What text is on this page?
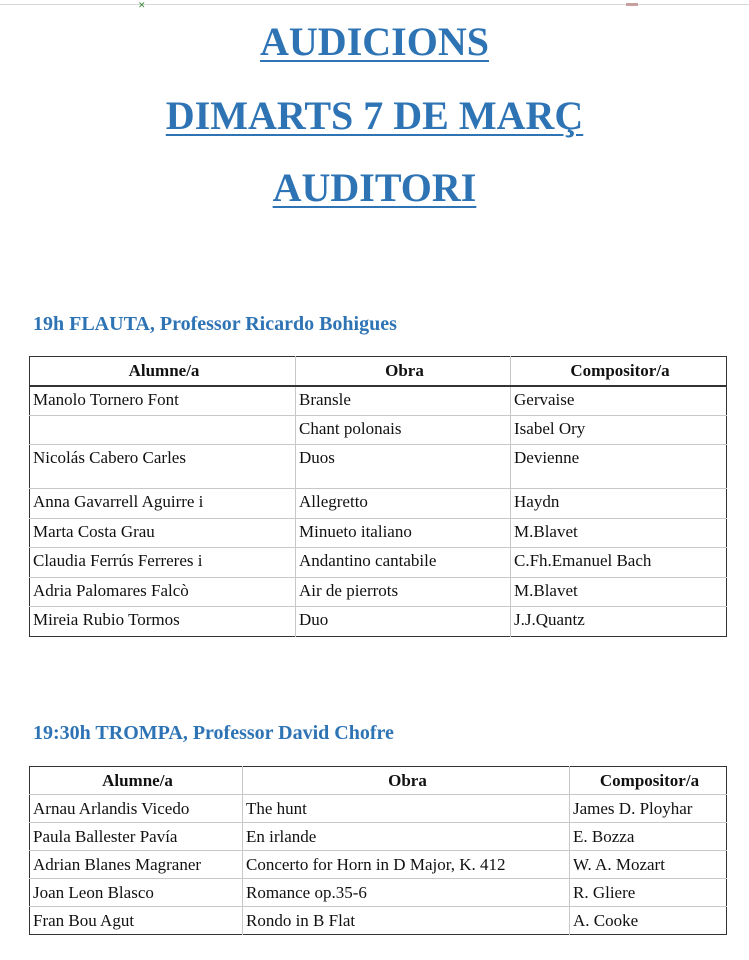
✕
AUDICIONS
DIMARTS 7 DE MARÇ
AUDITORI
19h FLAUTA, Professor Ricardo Bohigues
Alumne/a	Obra	Compositor/a
Manolo Tornero Font	Bransle	Gervaise
	Chant polonais	Isabel Ory
Nicolás Cabero Carles	Duos	Devienne
Anna Gavarrell Aguirre i	Allegretto	Haydn
Marta Costa Grau	Minueto italiano	M.Blavet
Claudia Ferrús Ferreres i	Andantino cantabile	C.Fh.Emanuel Bach
Adria Palomares Falcò	Air de pierrots	M.Blavet
Mireia Rubio Tormos	Duo	J.J.Quantz
19:30h TROMPA, Professor David Chofre
Alumne/a	Obra	Compositor/a
Arnau Arlandis Vicedo	The hunt	James D. Ployhar
Paula Ballester Pavía	En irlande	E. Bozza
Adrian Blanes Magraner	Concerto for Horn in D Major, K. 412	W. A. Mozart
Joan Leon Blasco	Romance op.35-6	R. Gliere
Fran Bou Agut	Rondo in B Flat	A. Cooke
